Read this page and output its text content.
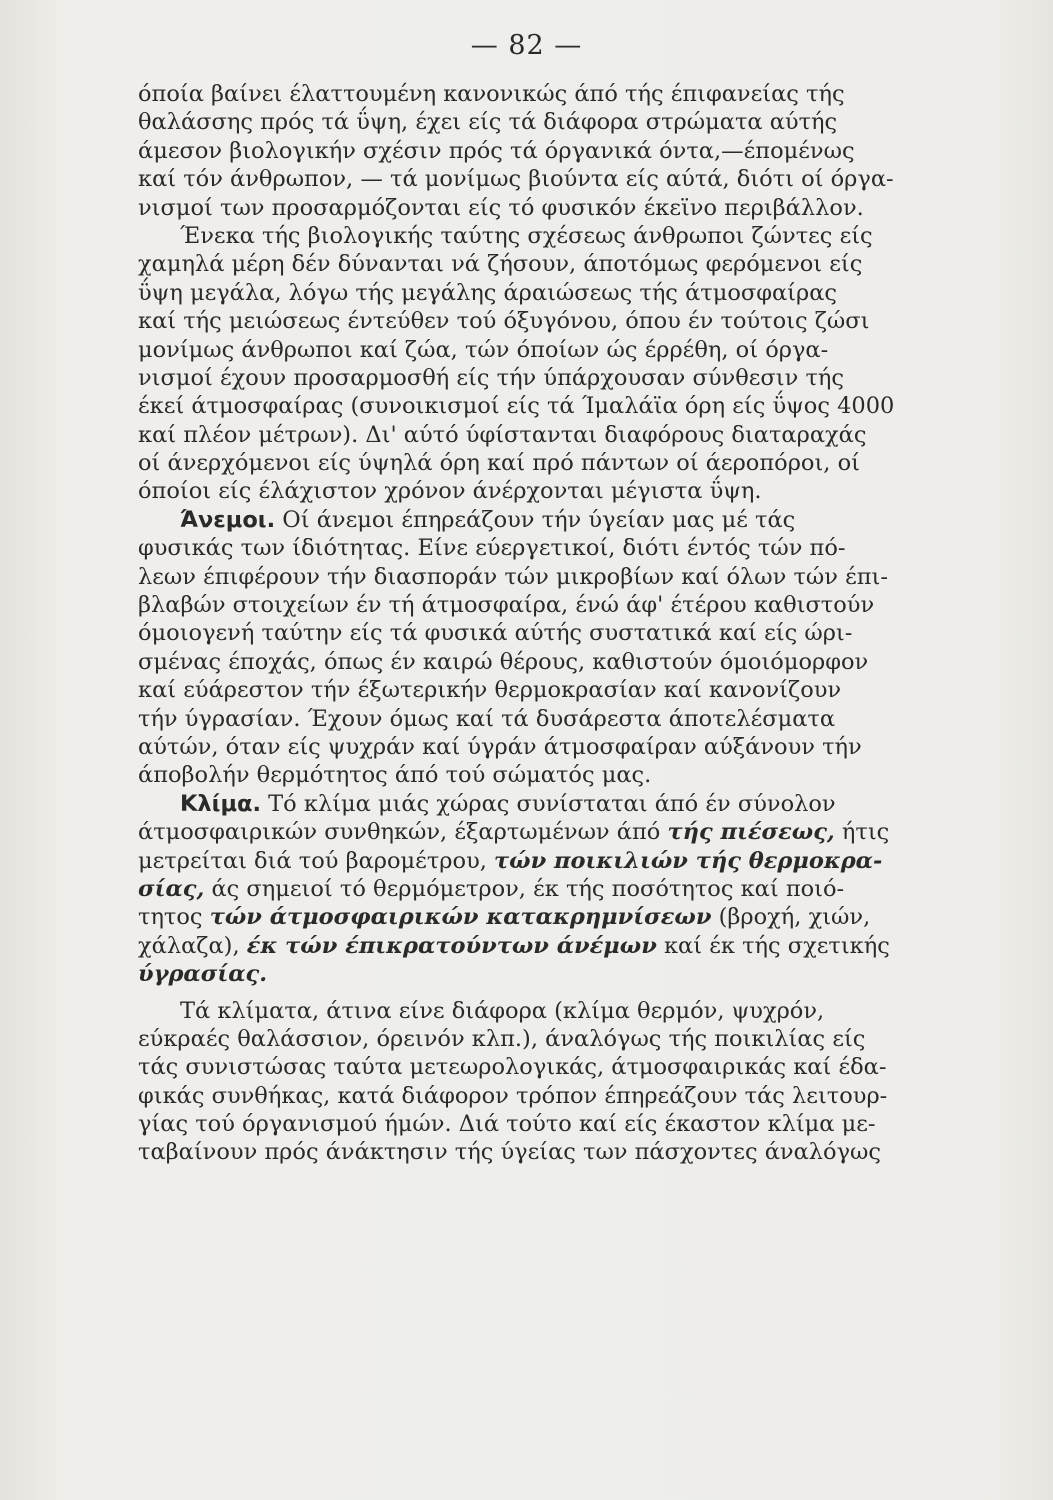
— 82 —
όποία βαίνει έλαττουμένη κανονικώς άπό τής έπιφανείας τής
θαλάσσης πρός τά ΰψη, έχει είς τά διάφορα στρώματα αύτής
άμεσον βιολογικήν σχέσιν πρός τά όργανικά όντα,—έπομένως
καί τόν άνθρωπον, — τά μονίμως βιούντα είς αύτά, διότι οί όργα-
νισμοί των προσαρμόζονται είς τό φυσικόν έκεϊνο περιβάλλον.
Ένεκα τής βιολογικής ταύτης σχέσεως άνθρωποι ζώντες είς
χαμηλά μέρη δέν δύνανται νά ζήσουν, άποτόμως φερόμενοι είς
ΰψη μεγάλα, λόγω τής μεγάλης άραιώσεως τής άτμοσφαίρας
καί τής μειώσεως έντεύθεν τού όξυγόνου, όπου έν τούτοις ζώσι
μονίμως άνθρωποι καί ζώα, τών όποίων ώς έρρέθη, οί όργα-
νισμοί έχουν προσαρμοσθή είς τήν ύπάρχουσαν σύνθεσιν τής
έκεί άτμοσφαίρας (συνοικισμοί είς τά Ίμαλάϊα όρη είς ΰψος 4000
καί πλέον μέτρων). Δι' αύτό ύφίστανται διαφόρους διαταραχάς
οί άνερχόμενοι είς ύψηλά όρη καί πρό πάντων οί άεροπόροι, οί
όποίοι είς έλάχιστον χρόνον άνέρχονται μέγιστα ΰψη.
Άνεμοι. Οί άνεμοι έπηρεάζουν τήν ύγείαν μας μέ τάς
φυσικάς των ίδιότητας. Είνε εύεργετικοί, διότι έντός τών πό-
λεων έπιφέρουν τήν διασποράν τών μικροβίων καί όλων τών έπι-
βλαβών στοιχείων έν τή άτμοσφαίρα, ένώ άφ' έτέρου καθιστούν
όμοιογενή ταύτην είς τά φυσικά αύτής συστατικά καί είς ώρι-
σμένας έποχάς, όπως έν καιρώ θέρους, καθιστούν όμοιόμορφον
καί εύάρεστον τήν έξωτερικήν θερμοκρασίαν καί κανονίζουν
τήν ύγρασίαν. Έχουν όμως καί τά δυσάρεστα άποτελέσματα
αύτών, όταν είς ψυχράν καί ύγράν άτμοσφαίραν αύξάνουν τήν
άποβολήν θερμότητος άπό τού σώματός μας.
Κλίμα. Τό κλίμα μιάς χώρας συνίσταται άπό έν σύνολον
άτμοσφαιρικών συνθηκών, έξαρτωμένων άπό τής πιέσεως, ήτις
μετρείται διά τού βαρομέτρου, τών ποικιλιών τής θερμοκρα-
σίας, άς σημειοί τό θερμόμετρον, έκ τής ποσότητος καί ποιό-
τητος τών άτμοσφαιρικών κατακρημνίσεων (βροχή, χιών,
χάλαζα), έκ τών έπικρατούντων άνέμων καί έκ τής σχετικής
ύγρασίας.
Τά κλίματα, άτινα είνε διάφορα (κλίμα θερμόν, ψυχρόν,
εύκραές θαλάσσιον, όρεινόν κλπ.), άναλόγως τής ποικιλίας είς
τάς συνιστώσας ταύτα μετεωρολογικάς, άτμοσφαιρικάς καί έδα-
φικάς συνθήκας, κατά διάφορον τρόπον έπηρεάζουν τάς λειτουρ-
γίας τού όργανισμού ήμών. Διά τούτο καί είς έκαστον κλίμα με-
ταβαίνουν πρός άνάκτησιν τής ύγείας των πάσχοντες άναλόγως
